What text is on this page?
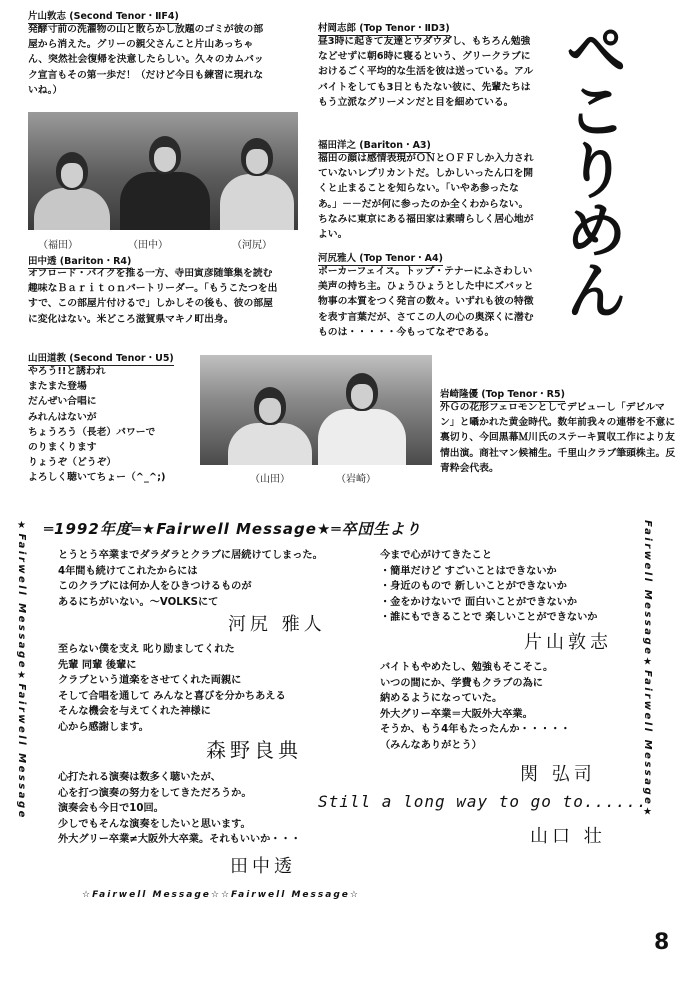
片山敦志 (Second Tenor・ⅡF4)
発酵寸前の洗濯物の山と散らかし放題のゴミが彼の部屋から消えた。グリーの親父さんこと片山あっちゃん、突然社会復帰を決意したらしい。久々のカムバック宣言もその第一歩だ！（だけど今日も練習に現れないね。）
（福田）	（田中）	（河尻）
田中透 (Bariton・R4)
オフロード・バイクを推る一方、寺田寅彦随筆集を読む趣味なＢａｒｉｔｏｎパートリーダー。「もうこたつを出すで、この部屋片付けるで」しかしその後も、彼の部屋に変化はない。米どころ滋賀県マキノ町出身。
山田道教 (Second Tenor・U5)
やろう!!と誘われ
またまた登場
だんぜい合唱に
みれんはないが
ちょうろう（長老）パワーで
のりまくります
りょうぞ（どうぞ）
よろしく聴いてちょー（^_^;)	（山田）	（岩崎）
村岡志郎 (Top Tenor・ⅡD3)
昼3時に起きて友達とウダウダし、もちろん勉強などせずに朝6時に寝るという、グリークラブにおけるごく平均的な生活を彼は送っている。アルバイトをしても3日ともたない彼に、先輩たちはもう立派なグリーメンだと目を細めている。
福田洋之 (Bariton・A3)
福田の顔は感情表現がＯＮとＯＦＦしか入力されていないレプリカントだ。しかしいったん口を開くと止まることを知らない。「いやあ参ったなあ。」－－だが何に参ったのか全くわからない。ちなみに東京にある福田家は素晴らしく居心地がよい。
河尻雅人 (Top Tenor・A4)
ポーカーフェイス。トップ・テナーにふさわしい美声の持ち主。ひょうひょうとした中にズバッと物事の本質をつく発言の数々。いずれも彼の特徴を表す言葉だが、さてこの人の心の奥深くに潜むものは・・・・・今もってなぞである。
岩崎隆優 (Top Tenor・R5)
外Ｇの花形フェロモンとしてデビューし「デビルマン」と囁かれた黄金時代。数年前我々の連帯を不意に裏切り、今回黒幕Ｍ川氏のステーキ買収工作により友情出演。商社マン候補生。千里山クラブ筆頭株主。反青粋会代表。
ぺこりめん
═1992年度═★Fairwell Message★═卒団生より
★Fairwell Message★Fairwell Message	Fairwell Message★Fairwell Message★
とうとう卒業までダラダラとクラブに居続けてしまった。
4年間も続けてこれたからには
このクラブには何か人をひきつけるものが
あるにちがいない。～VOLKSにて
河尻 雅人
至らない僕を支え 叱り励ましてくれた
先輩 同輩 後輩に
クラブという道楽をさせてくれた両親に
そして合唱を通して みんなと喜びを分かちあえる
そんな機会を与えてくれた神様に
心から感謝します。
森野良典
心打たれる演奏は数多く聴いたが、
心を打つ演奏の努力をしてきただろうか。
演奏会も今日で10回。
少しでもそんな演奏をしたいと思います。
外大グリー卒業≠大阪外大卒業。それもいいか・・・
田中透
今まで心がけてきたこと
・簡単だけど すごいことはできないか
・身近のもので 新しいことができないか
・金をかけないで 面白いことができないか
・誰にもできることで 楽しいことができないか
片山敦志
バイトもやめたし、勉強もそこそこ。
いつの間にか、学費もクラブの為に
納めるようになっていた。
外大グリー卒業＝大阪外大卒業。
そうか、もう4年もたったんか・・・・・
（みんなありがとう）
関 弘司
Still a long way to go to......
山口 壮
☆Fairwell Message☆☆Fairwell Message☆
8
